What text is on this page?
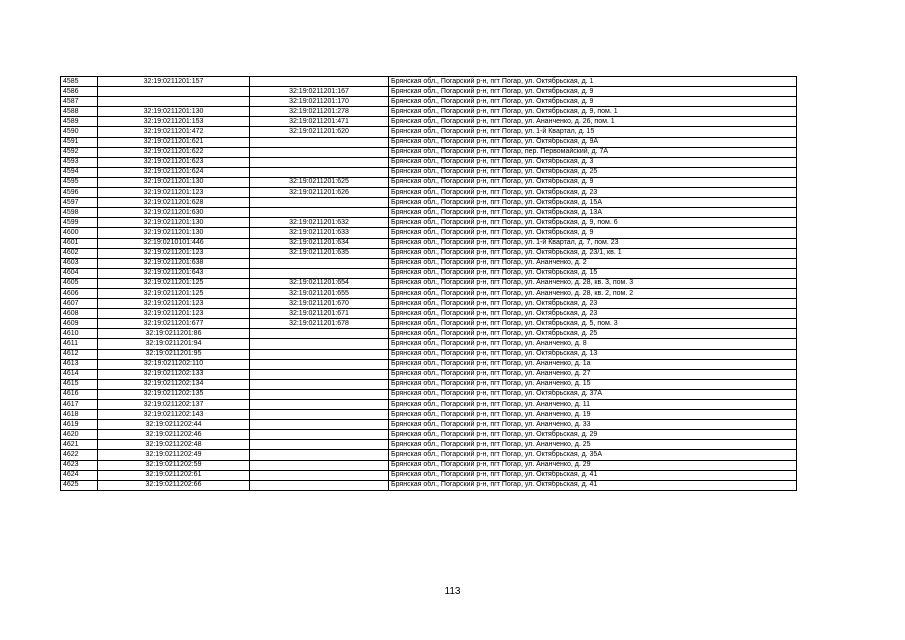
4585	32:19:0211201:157		Брянская обл., Погарский р-н, пгт Погар, ул. Октябрьская, д. 1
4586		32:19:0211201:167	Брянская обл., Погарский р-н, пгт Погар, ул. Октябрьская, д. 9
4587		32:19:0211201:170	Брянская обл., Погарский р-н, пгт Погар, ул. Октябрьская, д. 9
4588	32:19:0211201:130	32:19:0211201:278	Брянская обл., Погарский р-н, пгт Погар, ул. Октябрьская, д. 9, пом. 1
4589	32:19:0211201:153	32:19:0211201:471	Брянская обл., Погарский р-н, пгт Погар, ул. Ананченко, д. 26, пом. 1
4590	32:19:0211201:472	32:19:0211201:620	Брянская обл., Погарский р-н, пгт Погар, ул. 1-й Квартал, д. 15
4591	32:19:0211201:621		Брянская обл., Погарский р-н, пгт Погар, ул. Октябрьская, д. 9А
4592	32:19:0211201:622		Брянская обл., Погарский р-н, пгт Погар, пер. Первомайский, д. 7А
4593	32:19:0211201:623		Брянская обл., Погарский р-н, пгт Погар, ул. Октябрьская, д. 3
4594	32:19:0211201:624		Брянская обл., Погарский р-н, пгт Погар, ул. Октябрьская, д. 25
4595	32:19:0211201:130	32:19:0211201:625	Брянская обл., Погарский р-н, пгт Погар, ул. Октябрьская, д. 9
4596	32:19:0211201:123	32:19:0211201:626	Брянская обл., Погарский р-н, пгт Погар, ул. Октябрьская, д. 23
4597	32:19:0211201:628		Брянская обл., Погарский р-н, пгт Погар, ул. Октябрьская, д. 15А
4598	32:19:0211201:630		Брянская обл., Погарский р-н, пгт Погар, ул. Октябрьская, д. 13А
4599	32:19:0211201:130	32:19:0211201:632	Брянская обл., Погарский р-н, пгт Погар, ул. Октябрьская, д. 9, пом. 6
4600	32:19:0211201:130	32:19:0211201:633	Брянская обл., Погарский р-н, пгт Погар, ул. Октябрьская, д. 9
4601	32:19:0210101:446	32:19:0211201:634	Брянская обл., Погарский р-н, пгт Погар, ул. 1-й Квартал, д. 7, пом. 23
4602	32:19:0211201:123	32:19:0211201:635	Брянская обл., Погарский р-н, пгт Погар, ул. Октябрьская, д. 23/1, кв. 1
4603	32:19:0211201:638		Брянская обл., Погарский р-н, пгт Погар, ул. Ананченко, д. 2
4604	32:19:0211201:643		Брянская обл., Погарский р-н, пгт Погар, ул. Октябрьская, д. 15
4605	32:19:0211201:125	32:19:0211201:654	Брянская обл., Погарский р-н, пгт Погар, ул. Ананченко, д. 28, кв. 3, пом. 3
4606	32:19:0211201:125	32:19:0211201:655	Брянская обл., Погарский р-н, пгт Погар, ул. Ананченко, д. 28, кв. 2, пом. 2
4607	32:19:0211201:123	32:19:0211201:670	Брянская обл., Погарский р-н, пгт Погар, ул. Октябрьская, д. 23
4608	32:19:0211201:123	32:19:0211201:671	Брянская обл., Погарский р-н, пгт Погар, ул. Октябрьская, д. 23
4609	32:19:0211201:677	32:19:0211201:678	Брянская обл., Погарский р-н, пгт Погар, ул. Октябрьская, д. 5, пом. 3
4610	32:19:0211201:86		Брянская обл., Погарский р-н, пгт Погар, ул. Октябрьская, д. 25
4611	32:19:0211201:94		Брянская обл., Погарский р-н, пгт Погар, ул. Ананченко, д. 8
4612	32:19:0211201:95		Брянская обл., Погарский р-н, пгт Погар, ул. Октябрьская, д. 13
4613	32:19:0211202:110		Брянская обл., Погарский р-н, пгт Погар, ул. Ананченко, д. 1а
4614	32:19:0211202:133		Брянская обл., Погарский р-н, пгт Погар, ул. Ананченко, д. 27
4615	32:19:0211202:134		Брянская обл., Погарский р-н, пгт Погар, ул. Ананченко, д. 15
4616	32:19:0211202:135		Брянская обл., Погарский р-н, пгт Погар, ул. Октябрьская, д. 37А
4617	32:19:0211202:137		Брянская обл., Погарский р-н, пгт Погар, ул. Ананченко, д. 11
4618	32:19:0211202:143		Брянская обл., Погарский р-н, пгт Погар, ул. Ананченко, д. 19
4619	32:19:0211202:44		Брянская обл., Погарский р-н, пгт Погар, ул. Ананченко, д. 33
4620	32:19:0211202:46		Брянская обл., Погарский р-н, пгт Погар, ул. Октябрьская, д. 29
4621	32:19:0211202:48		Брянская обл., Погарский р-н, пгт Погар, ул. Ананченко, д. 25
4622	32:19:0211202:49		Брянская обл., Погарский р-н, пгт Погар, ул. Октябрьская, д. 35А
4623	32:19:0211202:59		Брянская обл., Погарский р-н, пгт Погар, ул. Ананченко, д. 29
4624	32:19:0211202:61		Брянская обл., Погарский р-н, пгт Погар, ул. Октябрьская, д. 41
4625	32:19:0211202:66		Брянская обл., Погарский р-н, пгт Погар, ул. Октябрьская, д. 41
113
